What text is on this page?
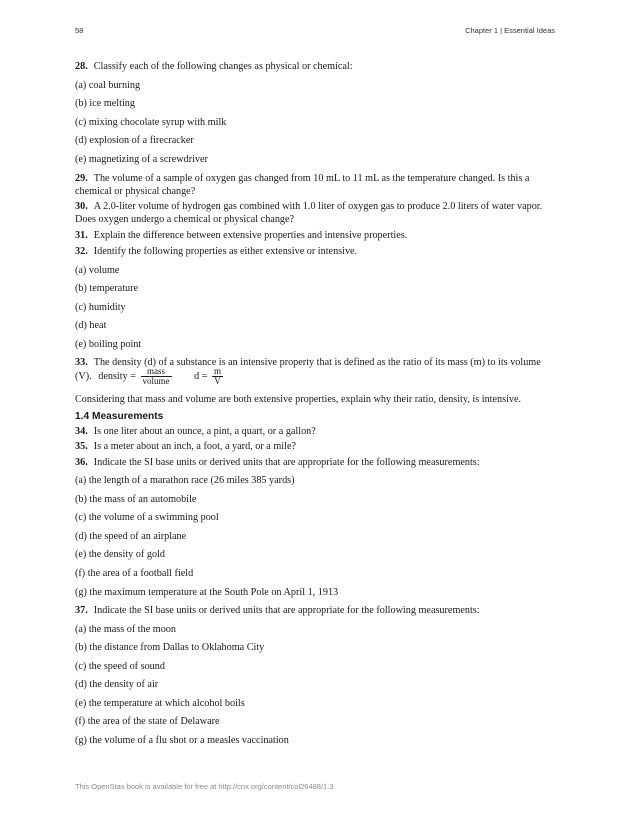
58	Chapter 1 | Essential Ideas
28. Classify each of the following changes as physical or chemical:
(a) coal burning
(b) ice melting
(c) mixing chocolate syrup with milk
(d) explosion of a firecracker
(e) magnetizing of a screwdriver
29. The volume of a sample of oxygen gas changed from 10 mL to 11 mL as the temperature changed. Is this a
chemical or physical change?
30. A 2.0-liter volume of hydrogen gas combined with 1.0 liter of oxygen gas to produce 2.0 liters of water vapor.
Does oxygen undergo a chemical or physical change?
31. Explain the difference between extensive properties and intensive properties.
32. Identify the following properties as either extensive or intensive.
(a) volume
(b) temperature
(c) humidity
(d) heat
(e) boiling point
33. The density (d) of a substance is an intensive property that is defined as the ratio of its mass (m) to its volume
(V). density = $\frac{\text{mass}}{\text{volume}}$ $d = \frac{m}{V}$
Considering that mass and volume are both extensive properties, explain why their ratio, density, is intensive.
1.4 Measurements
34. Is one liter about an ounce, a pint, a quart, or a gallon?
35. Is a meter about an inch, a foot, a yard, or a mile?
36. Indicate the SI base units or derived units that are appropriate for the following measurements:
(a) the length of a marathon race (26 miles 385 yards)
(b) the mass of an automobile
(c) the volume of a swimming pool
(d) the speed of an airplane
(e) the density of gold
(f) the area of a football field
(g) the maximum temperature at the South Pole on April 1, 1913
37. Indicate the SI base units or derived units that are appropriate for the following measurements:
(a) the mass of the moon
(b) the distance from Dallas to Oklahoma City
(c) the speed of sound
(d) the density of air
(e) the temperature at which alcohol boils
(f) the area of the state of Delaware
(g) the volume of a flu shot or a measles vaccination
This OpenStax book is available for free at http://cnx.org/content/col26488/1.3
